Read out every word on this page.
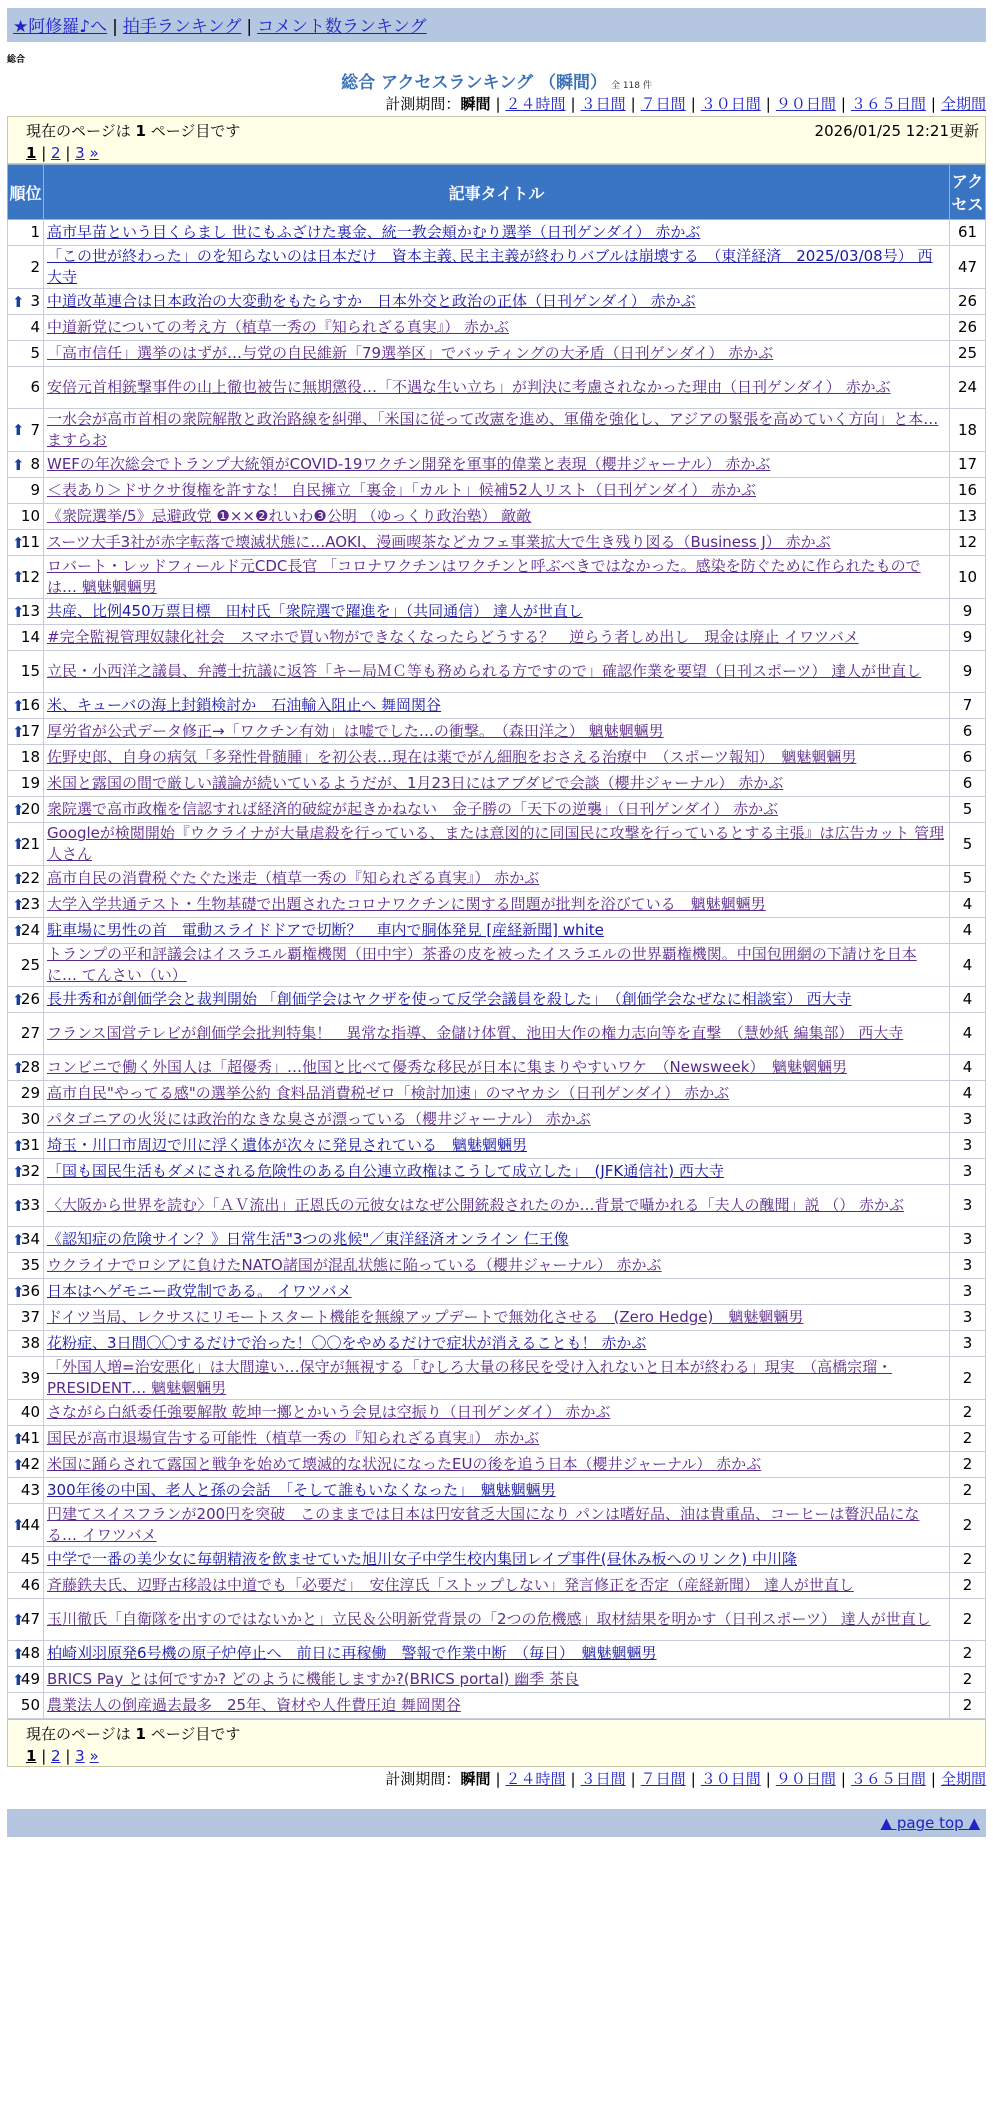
★阿修羅♪へ | 拍手ランキング | コメント数ランキング
総合
総合 アクセスランキング （瞬間） 全 118 件
計測期間：瞬間 | ２４時間 | ３日間 | ７日間 | ３０日間 | ９０日間 | ３６５日間 | 全期間
現在のページは 1 ページ目です	2026/01/25 12:21更新
1 | 2 | 3 »
順位	記事タイトル	アクセス
1	高市早苗という目くらまし 世にもふざけた裏金、統一教会頬かむり選挙（日刊ゲンダイ） 赤かぶ	61
2	「この世が終わった」のを知らないのは日本だけ　資本主義､民主主義が終わりバブルは崩壊する　（東洋経済　2025/03/08号） 西大寺	47

⬆ 3	中道改革連合は日本政治の大変動をもたらすか　日本外交と政治の正体（日刊ゲンダイ） 赤かぶ	26
4	中道新党についての考え方（植草一秀の『知られざる真実』） 赤かぶ	26
5	「高市信任」選挙のはずが…与党の自民維新「79選挙区」でバッティングの大矛盾（日刊ゲンダイ） 赤かぶ	25
6	安倍元首相銃撃事件の山上徹也被告に無期懲役…「不遇な生い立ち」が判決に考慮されなかった理由（日刊ゲンダイ） 赤かぶ	24

⬆ 7	一水会が高市首相の衆院解散と政治路線を糾弾、「米国に従って改憲を進め、軍備を強化し、アジアの緊張を高めていく方向」と本… ますらお	18

⬆ 8	WEFの年次総会でトランプ大統領がCOVID-19ワクチン開発を軍事的偉業と表現（櫻井ジャーナル） 赤かぶ	17
9	＜表あり＞ドサクサ復権を許すな！ 自民擁立「裏金」「カルト」候補52人リスト（日刊ゲンダイ） 赤かぶ	16
10	《衆院選挙/5》忌避政党 ❶××❷れいわ❸公明 （ゆっくり政治塾） 敵敵	13

⬆
11	スーツ大手3社が赤字転落で壊滅状態に…AOKI、漫画喫茶などカフェ事業拡大で生き残り図る（Business J） 赤かぶ	12

⬆
12	ロバート・レッドフィールド元CDC長官 「コロナワクチンはワクチンと呼ぶべきではなかった。感染を防ぐために作られたものでは… 魑魅魍魎男	10

⬆
13	共産、比例450万票目標　田村氏「衆院選で躍進を」（共同通信） 達人が世直し	9
14	#完全監視管理奴隷化社会　スマホで買い物ができなくなったらどうする？　逆らう者しめ出し　現金は廃止 イワツバメ	9
15	立民・小西洋之議員、弁護士抗議に返答「キー局ＭＣ等も務められる方ですので」確認作業を要望（日刊スポーツ） 達人が世直し	9

⬆
16	米、キューバの海上封鎖検討か　石油輸入阻止へ 舞岡関谷	7

⬆
17	厚労省が公式データ修正→「ワクチン有効」は嘘でした…の衝撃。　（森田洋之） 魑魅魍魎男	6
18	佐野史郎、自身の病気「多発性骨髄腫」を初公表…現在は薬でがん細胞をおさえる治療中　（スポーツ報知）　魑魅魍魎男	6
19	米国と露国の間で厳しい議論が続いているようだが、1月23日にはアブダビで会談（櫻井ジャーナル） 赤かぶ	6

⬆
20	衆院選で高市政権を信認すれば経済的破綻が起きかねない　金子勝の「天下の逆襲」（日刊ゲンダイ） 赤かぶ	5

⬆
21	Googleが検閲開始『ウクライナが大量虐殺を行っている、または意図的に同国民に攻撃を行っているとする主張』は広告カット 管理人さん	5

⬆
22	高市自民の消費税ぐたぐた迷走（植草一秀の『知られざる真実』） 赤かぶ	5

⬆
23	大学入学共通テスト・生物基礎で出題されたコロナワクチンに関する問題が批判を浴びている　魑魅魍魎男	4

⬆
24	駐車場に男性の首　電動スライドドアで切断？　車内で胴体発見 [産経新聞] white	4
25	トランプの平和評議会はイスラエル覇権機関（田中宇）茶番の皮を被ったイスラエルの世界覇権機関。中国包囲網の下請けを日本に… てんさい（い）	4

⬆
26	長井秀和が創価学会と裁判開始 「創価学会はヤクザを使って反学会議員を殺した」　（創価学会なぜなに相談室） 西大寺	4
27	フランス国営テレビが創価学会批判特集！　異常な指導、金儲け体質、池田大作の権力志向等を直撃　（慧妙紙 編集部） 西大寺	4

⬆
28	コンビニで働く外国人は「超優秀」…他国と比べて優秀な移民が日本に集まりやすいワケ　（Newsweek）　魑魅魍魎男	4
29	高市自民"やってる感"の選挙公約 食料品消費税ゼロ「検討加速」のマヤカシ（日刊ゲンダイ） 赤かぶ	4
30	パタゴニアの火災には政治的なきな臭さが漂っている（櫻井ジャーナル） 赤かぶ	3

⬆
31	埼玉・川口市周辺で川に浮く遺体が次々に発見されている　魑魅魍魎男	3

⬆
32	「国も国民生活もダメにされる危険性のある自公連立政権はこうして成立した」　(JFK通信社) 西大寺	3

⬆
33	〈大阪から世界を読む〉「ＡＶ流出」正恩氏の元彼女はなぜ公開銃殺されたのか…背景で囁かれる「夫人の醜聞」説 （） 赤かぶ	3

⬆
34	《認知症の危険サイン？》日常生活"3つの兆候"／東洋経済オンライン 仁王像	3
35	ウクライナでロシアに負けたNATO諸国が混乱状態に陥っている（櫻井ジャーナル） 赤かぶ	3

⬆
36	日本はヘゲモニー政党制である。 イワツバメ	3
37	ドイツ当局、レクサスにリモートスタート機能を無線アップデートで無効化させる　(Zero Hedge)　魑魅魍魎男	3
38	花粉症、3日間〇〇するだけで治った！〇〇をやめるだけで症状が消えることも！ 赤かぶ	3
39	「外国人増=治安悪化」は大間違い…保守が無視する「むしろ大量の移民を受け入れないと日本が終わる」現実　（高橋宗瑠・PRESIDENT… 魑魅魍魎男	2
40	さながら白紙委任強要解散 乾坤一擲とかいう会見は空振り（日刊ゲンダイ） 赤かぶ	2

⬆
41	国民が高市退場宣告する可能性（植草一秀の『知られざる真実』） 赤かぶ	2

⬆
42	米国に踊らされて露国と戦争を始めて壊滅的な状況になったEUの後を追う日本（櫻井ジャーナル） 赤かぶ	2
43	300年後の中国、老人と孫の会話　「そして誰もいなくなった」　魑魅魍魎男	2

⬆
44	円建てスイスフランが200円を突破　このままでは日本は円安貧乏大国になり パンは嗜好品、油は貴重品、コーヒーは贅沢品になる… イワツバメ	2
45	中学で一番の美少女に毎朝精液を飲ませていた旭川女子中学生校内集団レイプ事件(昼休み板へのリンク) 中川隆	2
46	斉藤鉄夫氏、辺野古移設は中道でも「必要だ」　安住淳氏「ストップしない」発言修正を否定（産経新聞） 達人が世直し	2

⬆
47	玉川徹氏「自衛隊を出すのではないかと」立民＆公明新党背景の「2つの危機感」取材結果を明かす（日刊スポーツ） 達人が世直し	2

⬆
48	柏崎刈羽原発6号機の原子炉停止へ　前日に再稼働　警報で作業中断　（毎日）　魑魅魍魎男	2

⬆
49	BRICS Pay とは何ですか? どのように機能しますか?(BRICS portal) 幽季 茶良	2
50	農業法人の倒産過去最多　25年、資材や人件費圧迫 舞岡関谷	2
現在のページは 1 ページ目です
1 | 2 | 3 »
計測期間：瞬間 | ２４時間 | ３日間 | ７日間 | ３０日間 | ９０日間 | ３６５日間 | 全期間
▲ page top ▲
